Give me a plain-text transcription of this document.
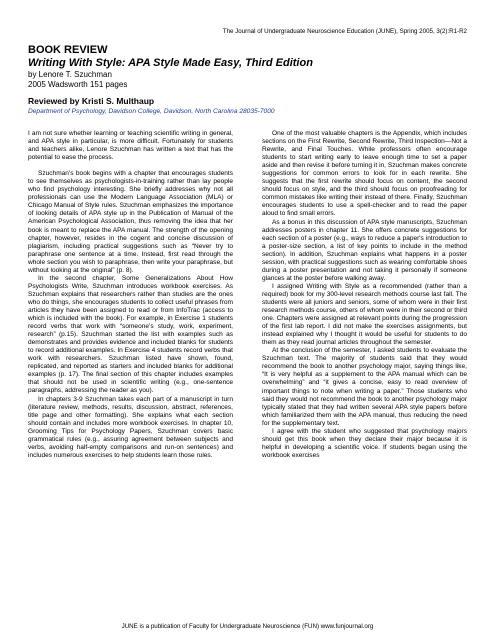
The Journal of Undergraduate Neuroscience Education (JUNE), Spring 2005, 3(2):R1-R2
BOOK REVIEW
Writing With Style: APA Style Made Easy, Third Edition
by Lenore T. Szuchman
2005 Wadsworth 151 pages
Reviewed by Kristi S. Multhaup
Department of Psychology, Davidson College, Davidson, North Carolina 28035-7000

I am not sure whether learning or teaching scientific writing in general, and APA style in particular, is more difficult. Fortunately for students and teachers alike, Lenore Szuchman has written a text that has the potential to ease the process.

Szuchman’s book begins with a chapter that encourages students to see themselves as psychologists-in-training rather than lay people who find psychology interesting. She briefly addresses why not all professionals can use the Modern Language Association (MLA) or Chicago Manual of Style rules. Szuchman emphasizes the importance of looking details of APA style up in the Publication of Manual of the American Psychological Association, thus removing the idea that her book is meant to replace the APA manual. The strength of the opening chapter, however, resides in the cogent and concise discussion of plagiarism, including practical suggestions such as “Never try to paraphrase one sentence at a time. Instead, first read through the whole section you wish to paraphrase, then write your paraphrase, but without looking at the original” (p. 8).

In the second chapter, Some Generalizations About How Psychologists Write, Szuchman introduces workbook exercises. As Szuchman explains that researchers rather than studies are the ones who do things, she encourages students to collect useful phrases from articles they have been assigned to read or from InfoTrac (access to which is included with the book). For example, in Exercise 1 students record verbs that work with “someone’s study, work, experiment, research” (p.15). Szuchman started the list with examples such as demonstrates and provides evidence and included blanks for students to record additional examples. In Exercise 4 students record verbs that work with researchers. Szuchman listed have shown, found, replicated, and reported as starters and included blanks for additional examples (p. 17). The final section of this chapter includes examples that should not be used in scientific writing (e.g., one-sentence paragraphs, addressing the reader as you).

In chapters 3-9 Szuchman takes each part of a manuscript in turn (literature review, methods, results, discussion, abstract, references, title page and other formatting). She explains what each section should contain and includes more workbook exercises. In chapter 10, Grooming Tips for Psychology Papers, Szuchman covers basic grammatical rules (e.g., assuring agreement between subjects and verbs, avoiding half-empty comparisons and run-on sentences) and includes numerous exercises to help students learn those rules.

One of the most valuable chapters is the Appendix, which includes sections on the First Rewrite, Second Rewrite, Third Inspection—Not a Rewrite, and Final Touches. While professors often encourage students to start writing early to leave enough time to set a paper aside and then revise it before turning it in, Szuchman makes concrete suggestions for common errors to look for in each rewrite. She suggests that the first rewrite should focus on content, the second should focus on style, and the third should focus on proofreading for common mistakes like writing their instead of there. Finally, Szuchman encourages students to use a spell-checker and to read the paper aloud to find small errors.

As a bonus in this discussion of APA style manuscripts, Szuchman addresses posters in chapter 11. She offers concrete suggestions for each section of a poster (e.g., ways to reduce a paper's introduction to a poster-size section, a list of key points to include in the method section). In addition, Szuchman explains what happens in a poster session, with practical suggestions such as wearing comfortable shoes during a poster presentation and not taking it personally if someone glances at the poster before walking away.

I assigned Writing with Style as a recommended (rather than a required) book for my 300-level research methods course last fall. The students were all juniors and seniors, some of whom were in their first research methods course, others of whom were in their second or third one. Chapters were assigned at relevant points during the progression of the first lab report. I did not make the exercises assignments, but instead explained why I thought it would be useful for students to do them as they read journal articles throughout the semester.

At the conclusion of the semester, I asked students to evaluate the Szuchman text. The majority of students said that they would recommend the book to another psychology major, saying things like, “It is very helpful as a supplement to the APA manual which can be overwhelming” and “it gives a concise, easy to read overview of important things to note when writing a paper.” Those students who said they would not recommend the book to another psychology major typically stated that they had written several APA style papers before which familiarized them with the APA manual, thus reducing the need for the supplementary text.

I agree with the student who suggested that psychology majors should get this book when they declare their major because it is helpful in developing a scientific voice. If students began using the workbook exercises

JUNE is a publication of Faculty for Undergraduate Neuroscience (FUN) www.funjournal.org
